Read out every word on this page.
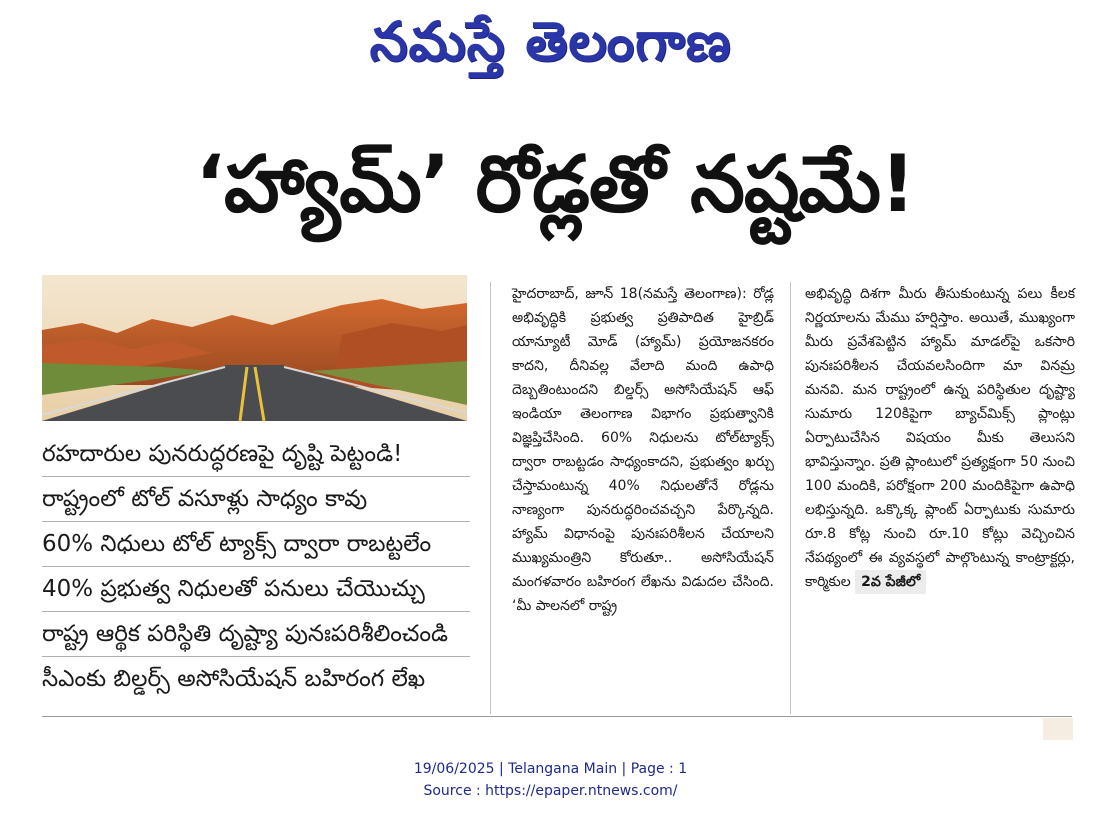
నమస్తే తెలంగాణ
‘హ్యామ్’ రోడ్లతో నష్టమే!
రహదారుల పునరుద్ధరణపై దృష్టి పెట్టండి!
రాష్ట్రంలో టోల్ వసూళ్లు సాధ్యం కావు
60% నిధులు టోల్ ట్యాక్స్ ద్వారా రాబట్టలేం
40% ప్రభుత్వ నిధులతో పనులు చేయొచ్చు
రాష్ట్ర ఆర్థిక పరిస్థితి దృష్ట్యా పునఃపరిశీలించండి
సీఎంకు బిల్డర్స్ అసోసియేషన్ బహిరంగ లేఖ
హైదరాబాద్, జూన్ 18(నమస్తే తెలంగాణ): రోడ్ల అభివృద్ధికి ప్రభుత్వ ప్రతిపాదిత హైబ్రిడ్ యాన్యూటీ మోడ్ (హ్యామ్) ప్రయోజనకరం కాదని, దీనివల్ల వేలాది మంది ఉపాధి దెబ్బతింటుందని బిల్డర్స్ అసోసియేషన్ ఆఫ్ ఇండియా తెలంగాణ విభాగం ప్రభుత్వానికి విజ్ఞప్తిచేసింది. 60% నిధులను టోల్‌ట్యాక్స్ ద్వారా రాబట్టడం సాధ్యంకాదని, ప్రభుత్వం ఖర్చు చేస్తామంటున్న 40% నిధులతోనే రోడ్లను నాణ్యంగా పునరుద్ధరించవచ్చని పేర్కొన్నది. హ్యామ్ విధానంపై పునఃపరిశీలన చేయాలని ముఖ్యమంత్రిని కోరుతూ.. అసోసియేషన్ మంగళవారం బహిరంగ లేఖను విడుదల చేసింది. ‘మీ పాలనలో రాష్ట్ర
అభివృద్ధి దిశగా మీరు తీసుకుంటున్న పలు కీలక నిర్ణయాలను మేము హర్షిస్తాం. అయితే, ముఖ్యంగా మీరు ప్రవేశపెట్టిన హ్యామ్ మాడల్‌పై ఒకసారి పునఃపరిశీలన చేయవలసిందిగా మా వినమ్ర మనవి. మన రాష్ట్రంలో ఉన్న పరిస్థితుల దృష్ట్యా సుమారు 120కిపైగా బ్యాచ్‌మిక్స్ ప్లాంట్లు ఏర్పాటుచేసిన విషయం మీకు తెలుసని భావిస్తున్నాం. ప్రతి ప్లాంటులో ప్రత్యక్షంగా 50 నుంచి 100 మందికి, పరోక్షంగా 200 మందికిపైగా ఉపాధి లభిస్తున్నది. ఒక్కొక్క ప్లాంట్ ఏర్పాటుకు సుమారు రూ.8 కోట్ల నుంచి రూ.10 కోట్లు వెచ్చించిన నేపథ్యంలో ఈ వ్యవస్థలో పాల్గొంటున్న కాంట్రాక్టర్లు, కార్మికుల 2వ పేజీలో
19/06/2025 | Telangana Main | Page : 1
Source : https://epaper.ntnews.com/
